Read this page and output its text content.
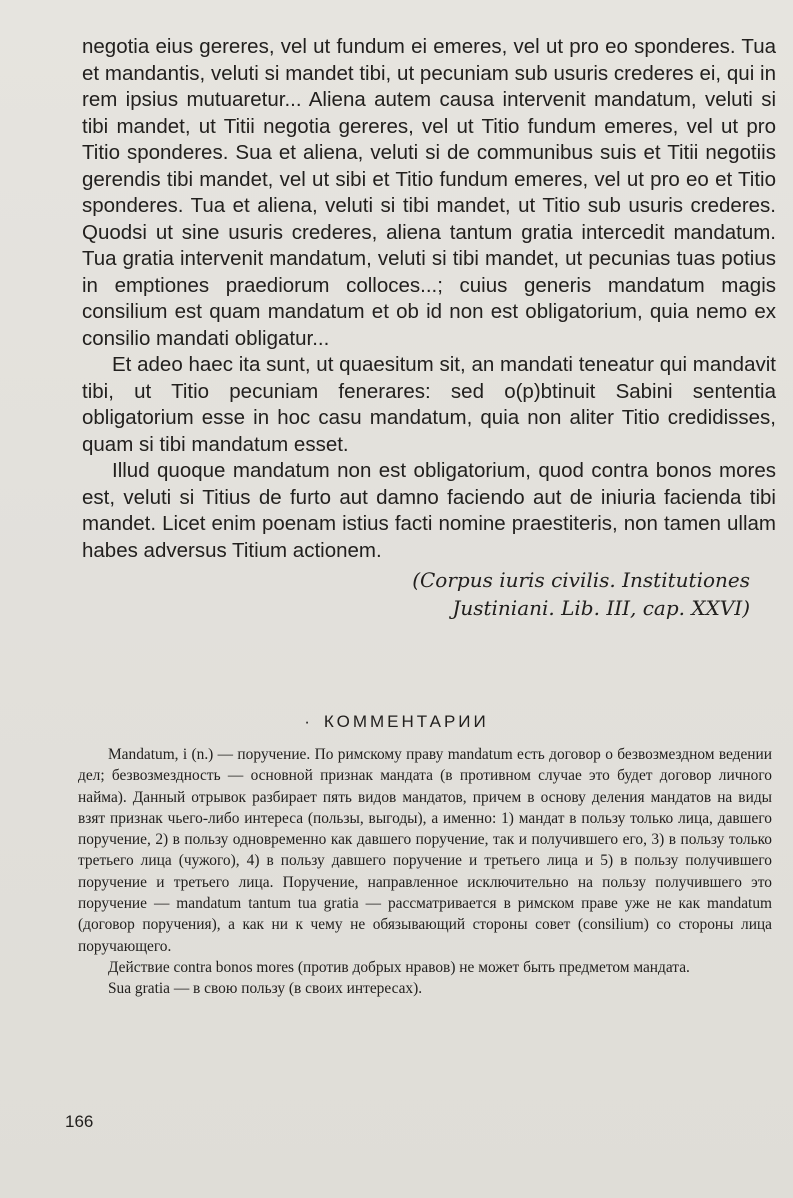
negotia eius gereres, vel ut fundum ei emeres, vel ut pro eo sponderes. Tua et mandantis, veluti si mandet tibi, ut pecuniam sub usuris crederes ei, qui in rem ipsius mutuaretur... Aliena autem causa intervenit mandatum, veluti si tibi mandet, ut Titii negotia gereres, vel ut Titio fundum emeres, vel ut pro Titio sponderes. Sua et aliena, veluti si de communibus suis et Titii negotiis gerendis tibi mandet, vel ut sibi et Titio fundum emeres, vel ut pro eo et Titio sponderes. Tua et aliena, veluti si tibi mandet, ut Titio sub usuris crederes. Quodsi ut sine usuris crederes, aliena tantum gratia intercedit mandatum. Tua gratia intervenit mandatum, veluti si tibi mandet, ut pecunias tuas potius in emptiones praediorum colloces...; cuius generis mandatum magis consilium est quam mandatum et ob id non est obligatorium, quia nemo ex consilio mandati obligatur...

Et adeo haec ita sunt, ut quaesitum sit, an mandati teneatur qui mandavit tibi, ut Titio pecuniam fenerares: sed o(p)btinuit Sabini sententia obligatorium esse in hoc casu mandatum, quia non aliter Titio credidisses, quam si tibi mandatum esset.

Illud quoque mandatum non est obligatorium, quod contra bonos mores est, veluti si Titius de furto aut damno faciendo aut de iniuria facienda tibi mandet. Licet enim poenam istius facti nomine praestiteris, non tamen ullam habes adversus Titium actionem.

(Corpus iuris civilis. Institutiones
Justiniani. Lib. III, cap. XXVI)
· КОММЕНТАРИИ

Mandatum, i (n.) — поручение. По римскому праву mandatum есть договор о безвозмездном ведении дел; безвозмездность — основной признак мандата (в противном случае это будет договор личного найма). Данный отрывок разбирает пять видов мандатов, причем в основу деления мандатов на виды взят признак чьего-либо интереса (пользы, выгоды), а именно: 1) мандат в пользу только лица, давшего поручение, 2) в пользу одновременно как давшего поручение, так и получившего его, 3) в пользу только третьего лица (чужого), 4) в пользу давшего поручение и третьего лица и 5) в пользу получившего поручение и третьего лица. Поручение, направленное исключительно на пользу получившего это поручение — mandatum tantum tua gratia — рассматривается в римском праве уже не как mandatum (договор поручения), а как ни к чему не обязывающий стороны совет (consilium) со стороны лица поручающего.

Действие contra bonos mores (против добрых нравов) не может быть предметом мандата.

Sua gratia — в свою пользу (в своих интересах).

166
